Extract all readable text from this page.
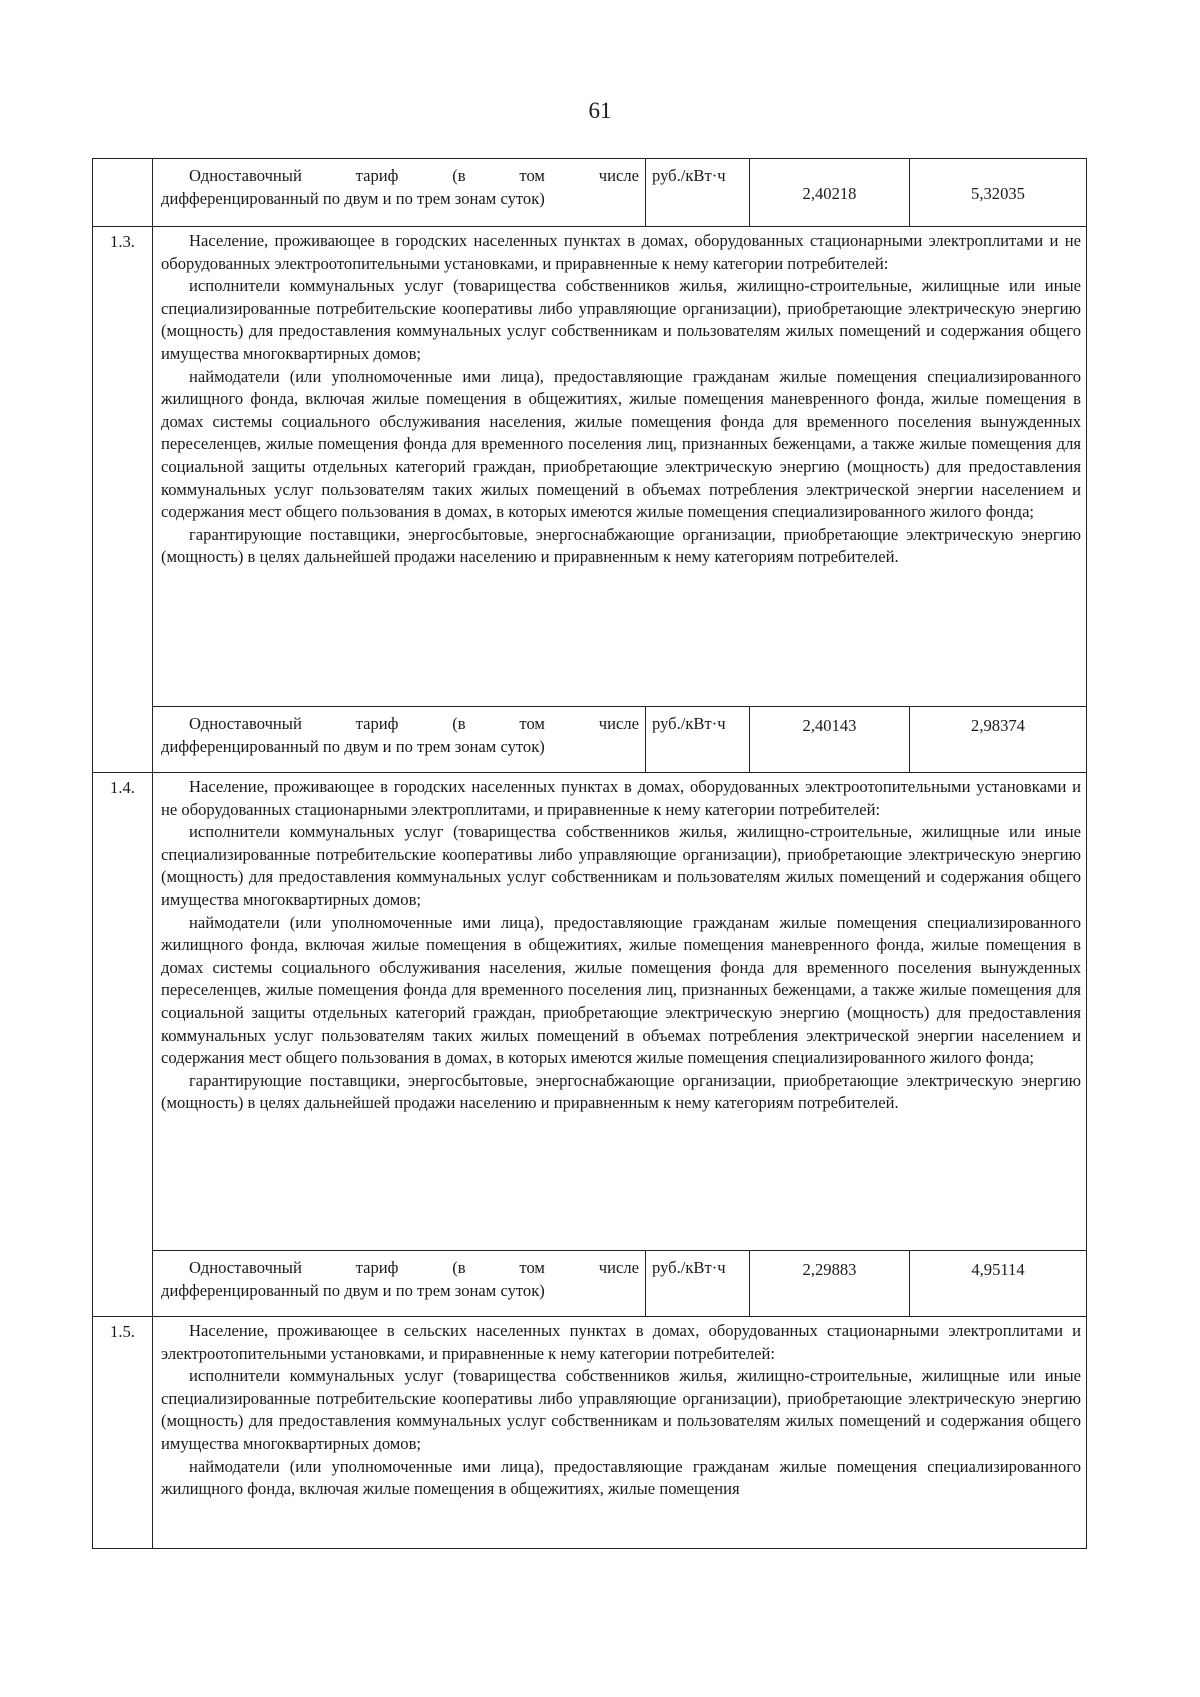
61

	Одноставочный тариф (в том числе

дифференцированный по двум и по трем зонам суток)	руб./кВт·ч	2,40218	5,32035
1.3.	Население, проживающее в городских населенных пунктах в домах, оборудованных стационарными электроплитами и не оборудованных электроотопительными установками, и приравненные к нему категории потребителей:

исполнители коммунальных услуг (товарищества собственников жилья, жилищно-строительные, жилищные или иные специализированные потребительские кооперативы либо управляющие организации), приобретающие электрическую энергию (мощность) для предоставления коммунальных услуг собственникам и пользователям жилых помещений и содержания общего имущества многоквартирных домов;

наймодатели (или уполномоченные ими лица), предоставляющие гражданам жилые помещения специализированного жилищного фонда, включая жилые помещения в общежитиях, жилые помещения маневренного фонда, жилые помещения в домах системы социального обслуживания населения, жилые помещения фонда для временного поселения вынужденных переселенцев, жилые помещения фонда для временного поселения лиц, признанных беженцами, а также жилые помещения для социальной защиты отдельных категорий граждан, приобретающие электрическую энергию (мощность) для предоставления коммунальных услуг пользователям таких жилых помещений в объемах потребления электрической энергии населением и содержания мест общего пользования в домах, в которых имеются жилые помещения специализированного жилого фонда;

гарантирующие поставщики, энергосбытовые, энергоснабжающие организации, приобретающие электрическую энергию (мощность) в целях дальнейшей продажи населению и приравненным к нему категориям потребителей.			

	Одноставочный тариф (в том числе

дифференцированный по двум и по трем зонам суток)	руб./кВт·ч	2,40143	2,98374
1.4.	Население, проживающее в городских населенных пунктах в домах, оборудованных электроотопительными установками и не оборудованных стационарными электроплитами, и приравненные к нему категории потребителей:

исполнители коммунальных услуг (товарищества собственников жилья, жилищно-строительные, жилищные или иные специализированные потребительские кооперативы либо управляющие организации), приобретающие электрическую энергию (мощность) для предоставления коммунальных услуг собственникам и пользователям жилых помещений и содержания общего имущества многоквартирных домов;

наймодатели (или уполномоченные ими лица), предоставляющие гражданам жилые помещения специализированного жилищного фонда, включая жилые помещения в общежитиях, жилые помещения маневренного фонда, жилые помещения в домах системы социального обслуживания населения, жилые помещения фонда для временного поселения вынужденных переселенцев, жилые помещения фонда для временного поселения лиц, признанных беженцами, а также жилые помещения для социальной защиты отдельных категорий граждан, приобретающие электрическую энергию (мощность) для предоставления коммунальных услуг пользователям таких жилых помещений в объемах потребления электрической энергии населением и содержания мест общего пользования в домах, в которых имеются жилые помещения специализированного жилого фонда;

гарантирующие поставщики, энергосбытовые, энергоснабжающие организации, приобретающие электрическую энергию (мощность) в целях дальнейшей продажи населению и приравненным к нему категориям потребителей.			

	Одноставочный тариф (в том числе

дифференцированный по двум и по трем зонам суток)	руб./кВт·ч	2,29883	4,95114
1.5.	Население, проживающее в сельских населенных пунктах в домах, оборудованных стационарными электроплитами и электроотопительными установками, и приравненные к нему категории потребителей:

исполнители коммунальных услуг (товарищества собственников жилья, жилищно-строительные, жилищные или иные специализированные потребительские кооперативы либо управляющие организации), приобретающие электрическую энергию (мощность) для предоставления коммунальных услуг собственникам и пользователям жилых помещений и содержания общего имущества многоквартирных домов;

наймодатели (или уполномоченные ими лица), предоставляющие гражданам жилые помещения специализированного жилищного фонда, включая жилые помещения в общежитиях, жилые помещения			
